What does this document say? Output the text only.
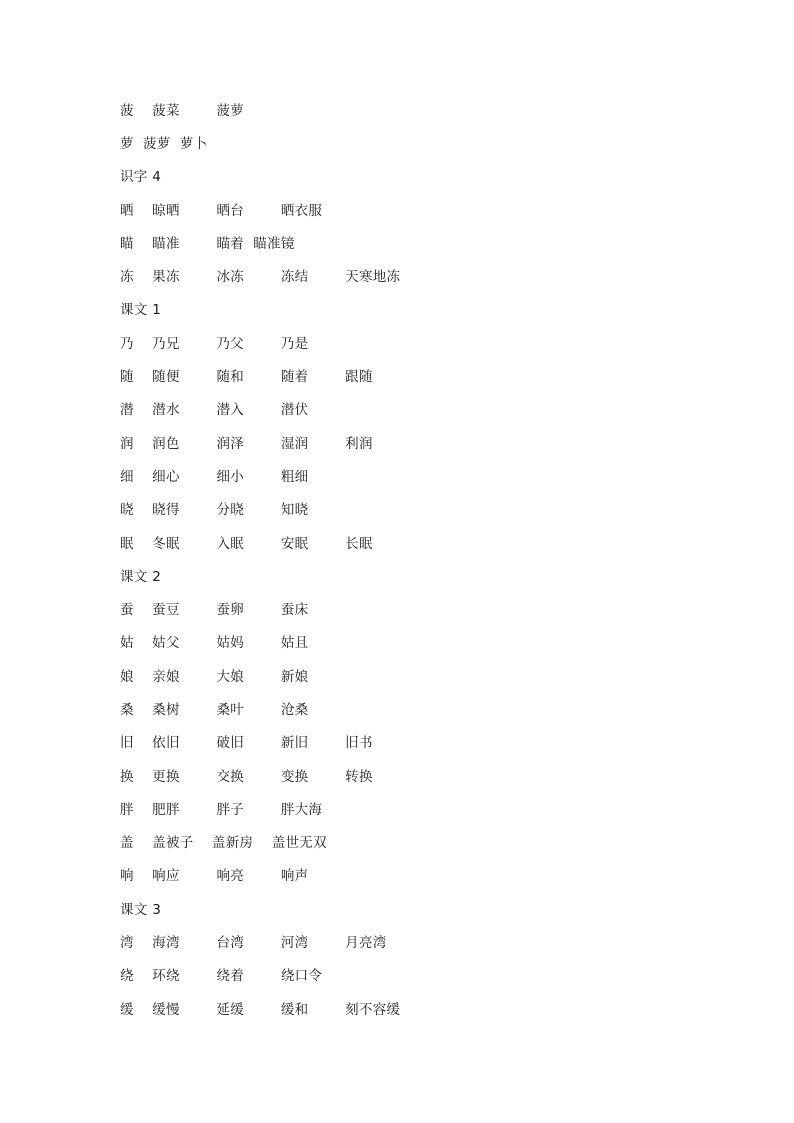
菠    菠菜        菠萝
萝  菠萝  萝卜
识字 4
晒    晾晒        晒台        晒衣服
瞄    瞄准        瞄着  瞄准镜
冻    果冻        冰冻        冻结        天寒地冻
课文 1
乃    乃兄        乃父        乃是
随    随便        随和        随着        跟随
潜    潜水        潜入        潜伏
润    润色        润泽        湿润        利润
细    细心        细小        粗细
晓    晓得        分晓        知晓
眠    冬眠        入眠        安眠        长眠
课文 2
蚕    蚕豆        蚕卵        蚕床
姑    姑父        姑妈        姑且
娘    亲娘        大娘        新娘
桑    桑树        桑叶        沧桑
旧    依旧        破旧        新旧        旧书
换    更换        交换        变换        转换
胖    肥胖        胖子        胖大海
盖    盖被子    盖新房    盖世无双
响    响应        响亮        响声
课文 3
湾    海湾        台湾        河湾        月亮湾
绕    环绕        绕着        绕口令
缓    缓慢        延缓        缓和        刻不容缓
